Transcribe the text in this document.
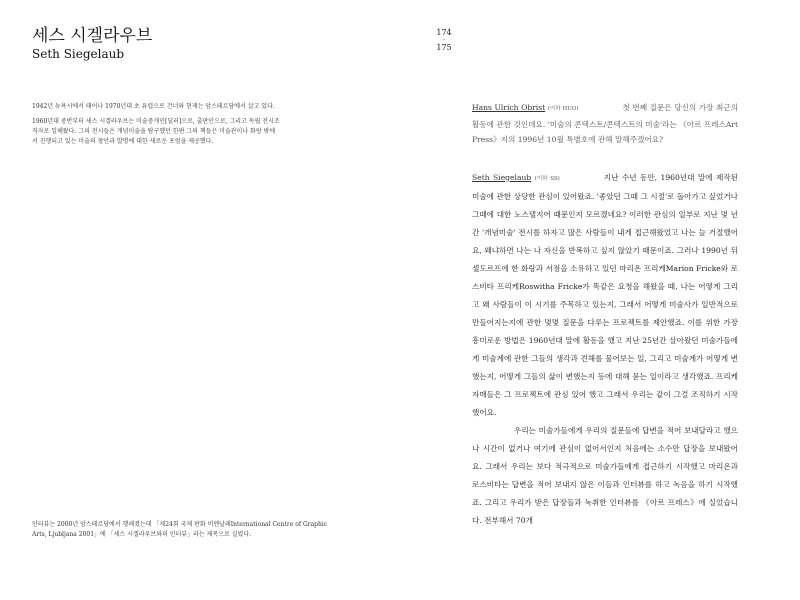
세스 시겔라우브
Seth Siegelaub

1942년 뉴욕시에서 태어나 1970년대 초 유럽으로 건너와 현재는 암스테르담에서 살고 있다.

1960년대 중반부터 세스 시겔라우브는 미술중개인[딜러]으로, 출판인으로, 그리고 독립 전시조직자로 일해왔다. 그의 전시들은 개념미술을 탐구했던 한편 그의 책들은 미술관이나 화랑 밖에서 진행되고 있는 미술의 창안과 발명에 대한 새로운 포럼을 제공했다.

인터뷰는 2000년 암스테르담에서 행해졌는데 「제24회 국제 판화 비엔날레International Centre of Graphic Arts, Ljubljana 2001」에 「세스 시겔라우브와의 인터뷰」라는 제목으로 실렸다.

174
-
175

Hans Ulrich Obrist (이하 HUO)	첫 번째 질문은 당신의 가장 최근의 활동에 관한 것인데요. '미술의 콘텍스트/콘텍스트의 미술'라는 《아르 프레스Art Press》지의 1996년 10월 특별호에 관해 말해주겠어요?

Seth Siegelaub (이하 SS)	지난 수년 동안, 1960년대 말에 제작된 미술에 관한 상당한 관심이 있어왔죠. '좋았던 그때 그 시절'로 돌아가고 싶었거나 그때에 대한 노스탤지어 때문인지 모르겠네요? 이러한 관심의 일부로 지난 몇 년간 '개념미술' 전시를 하자고 많은 사람들이 내게 접근해왔었고 나는 늘 거절했어요, 왜냐하면 나는 나 자신을 반복하고 싶지 않았기 때문이죠. 그러나 1990년 뒤셀도르프에 한 화랑과 서점을 소유하고 있던 마리온 프리케Marion Fricke와 로스비타 프리케Roswitha Fricke가 똑같은 요청을 해왔을 때, 나는 어떻게 그리고 왜 사람들이 이 시기를 주목하고 있는지, 그래서 어떻게 미술사가 일반적으로 만들어지는지에 관한 몇몇 질문을 다루는 프로젝트를 제안했죠. 이를 위한 가장 흥미로운 방법은 1960년대 말에 활동을 했고 지난 25년간 살아왔던 미술가들에게 미술계에 관한 그들의 생각과 견해를 물어보는 일, 그리고 미술계가 어떻게 변했는지, 어떻게 그들의 삶이 변했는지 등에 대해 묻는 일이라고 생각했죠. 프리케 자매들은 그 프로젝트에 관심 있어 했고 그래서 우리는 같이 그걸 조직하기 시작했어요.

우리는 미술가들에게 우리의 질문들에 답변을 적어 보내달라고 했으나 시간이 없거나 여기에 관심이 없어서인지 처음에는 소수만 답장을 보내왔어요. 그래서 우리는 보다 적극적으로 미술가들에게 접근하기 시작했고 마리온과 로스비타는 답변을 적어 보내지 않은 이들과 인터뷰를 하고 녹음을 하기 시작했죠. 그리고 우리가 받은 답장들과 녹취한 인터뷰를 《아르 프레스》에 실었습니다. 전부해서 70개
